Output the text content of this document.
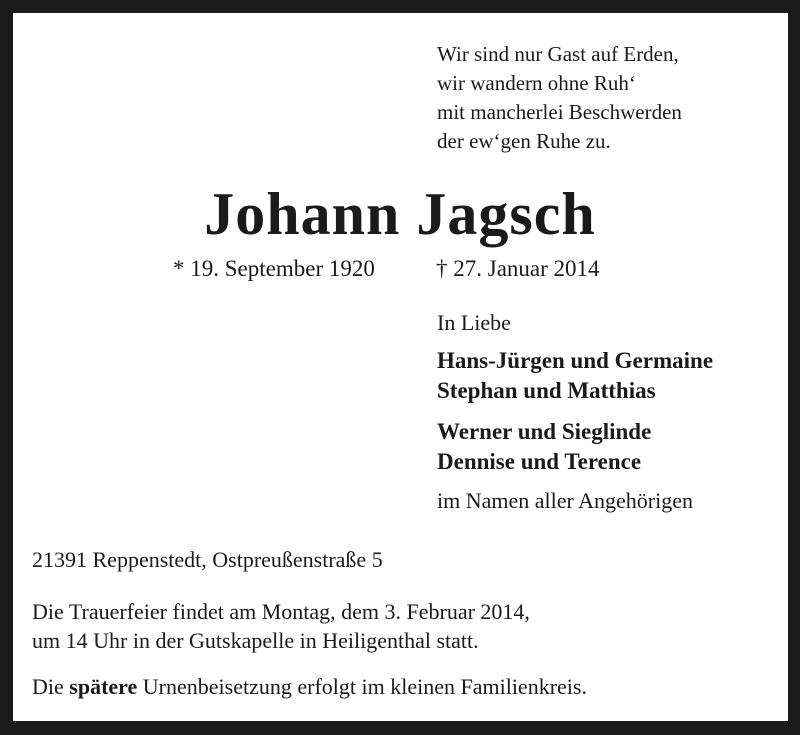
Wir sind nur Gast auf Erden,
wir wandern ohne Ruh‘
mit mancherlei Beschwerden
der ew‘gen Ruhe zu.
Johann Jagsch
* 19. September 1920	† 27. Januar 2014
In Liebe
Hans-Jürgen und Germaine
Stephan und Matthias
Werner und Sieglinde
Dennise und Terence
im Namen aller Angehörigen
21391 Reppenstedt, Ostpreußenstraße 5
Die Trauerfeier findet am Montag, dem 3. Februar 2014,
um 14 Uhr in der Gutskapelle in Heiligenthal statt.
Die spätere Urnenbeisetzung erfolgt im kleinen Familienkreis.
